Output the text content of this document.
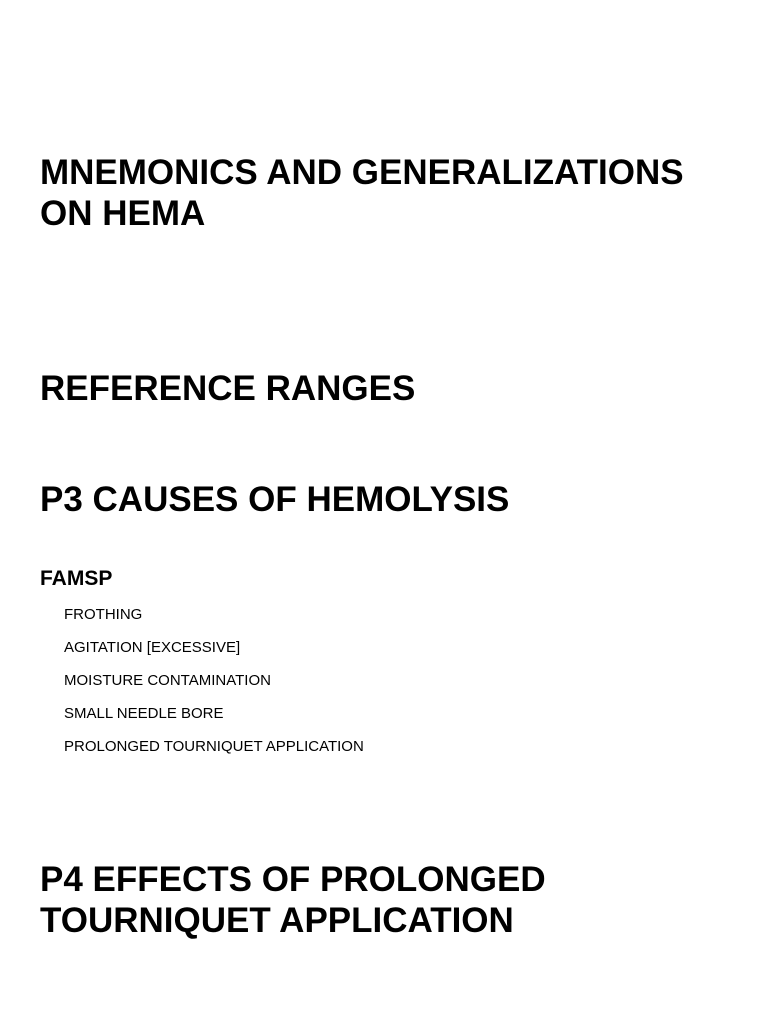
MNEMONICS AND GENERALIZATIONS ON HEMA
REFERENCE RANGES
P3 CAUSES OF HEMOLYSIS
FAMSP
FROTHING
AGITATION [EXCESSIVE]
MOISTURE CONTAMINATION
SMALL NEEDLE BORE
PROLONGED TOURNIQUET APPLICATION
P4 EFFECTS OF PROLONGED TOURNIQUET APPLICATION
